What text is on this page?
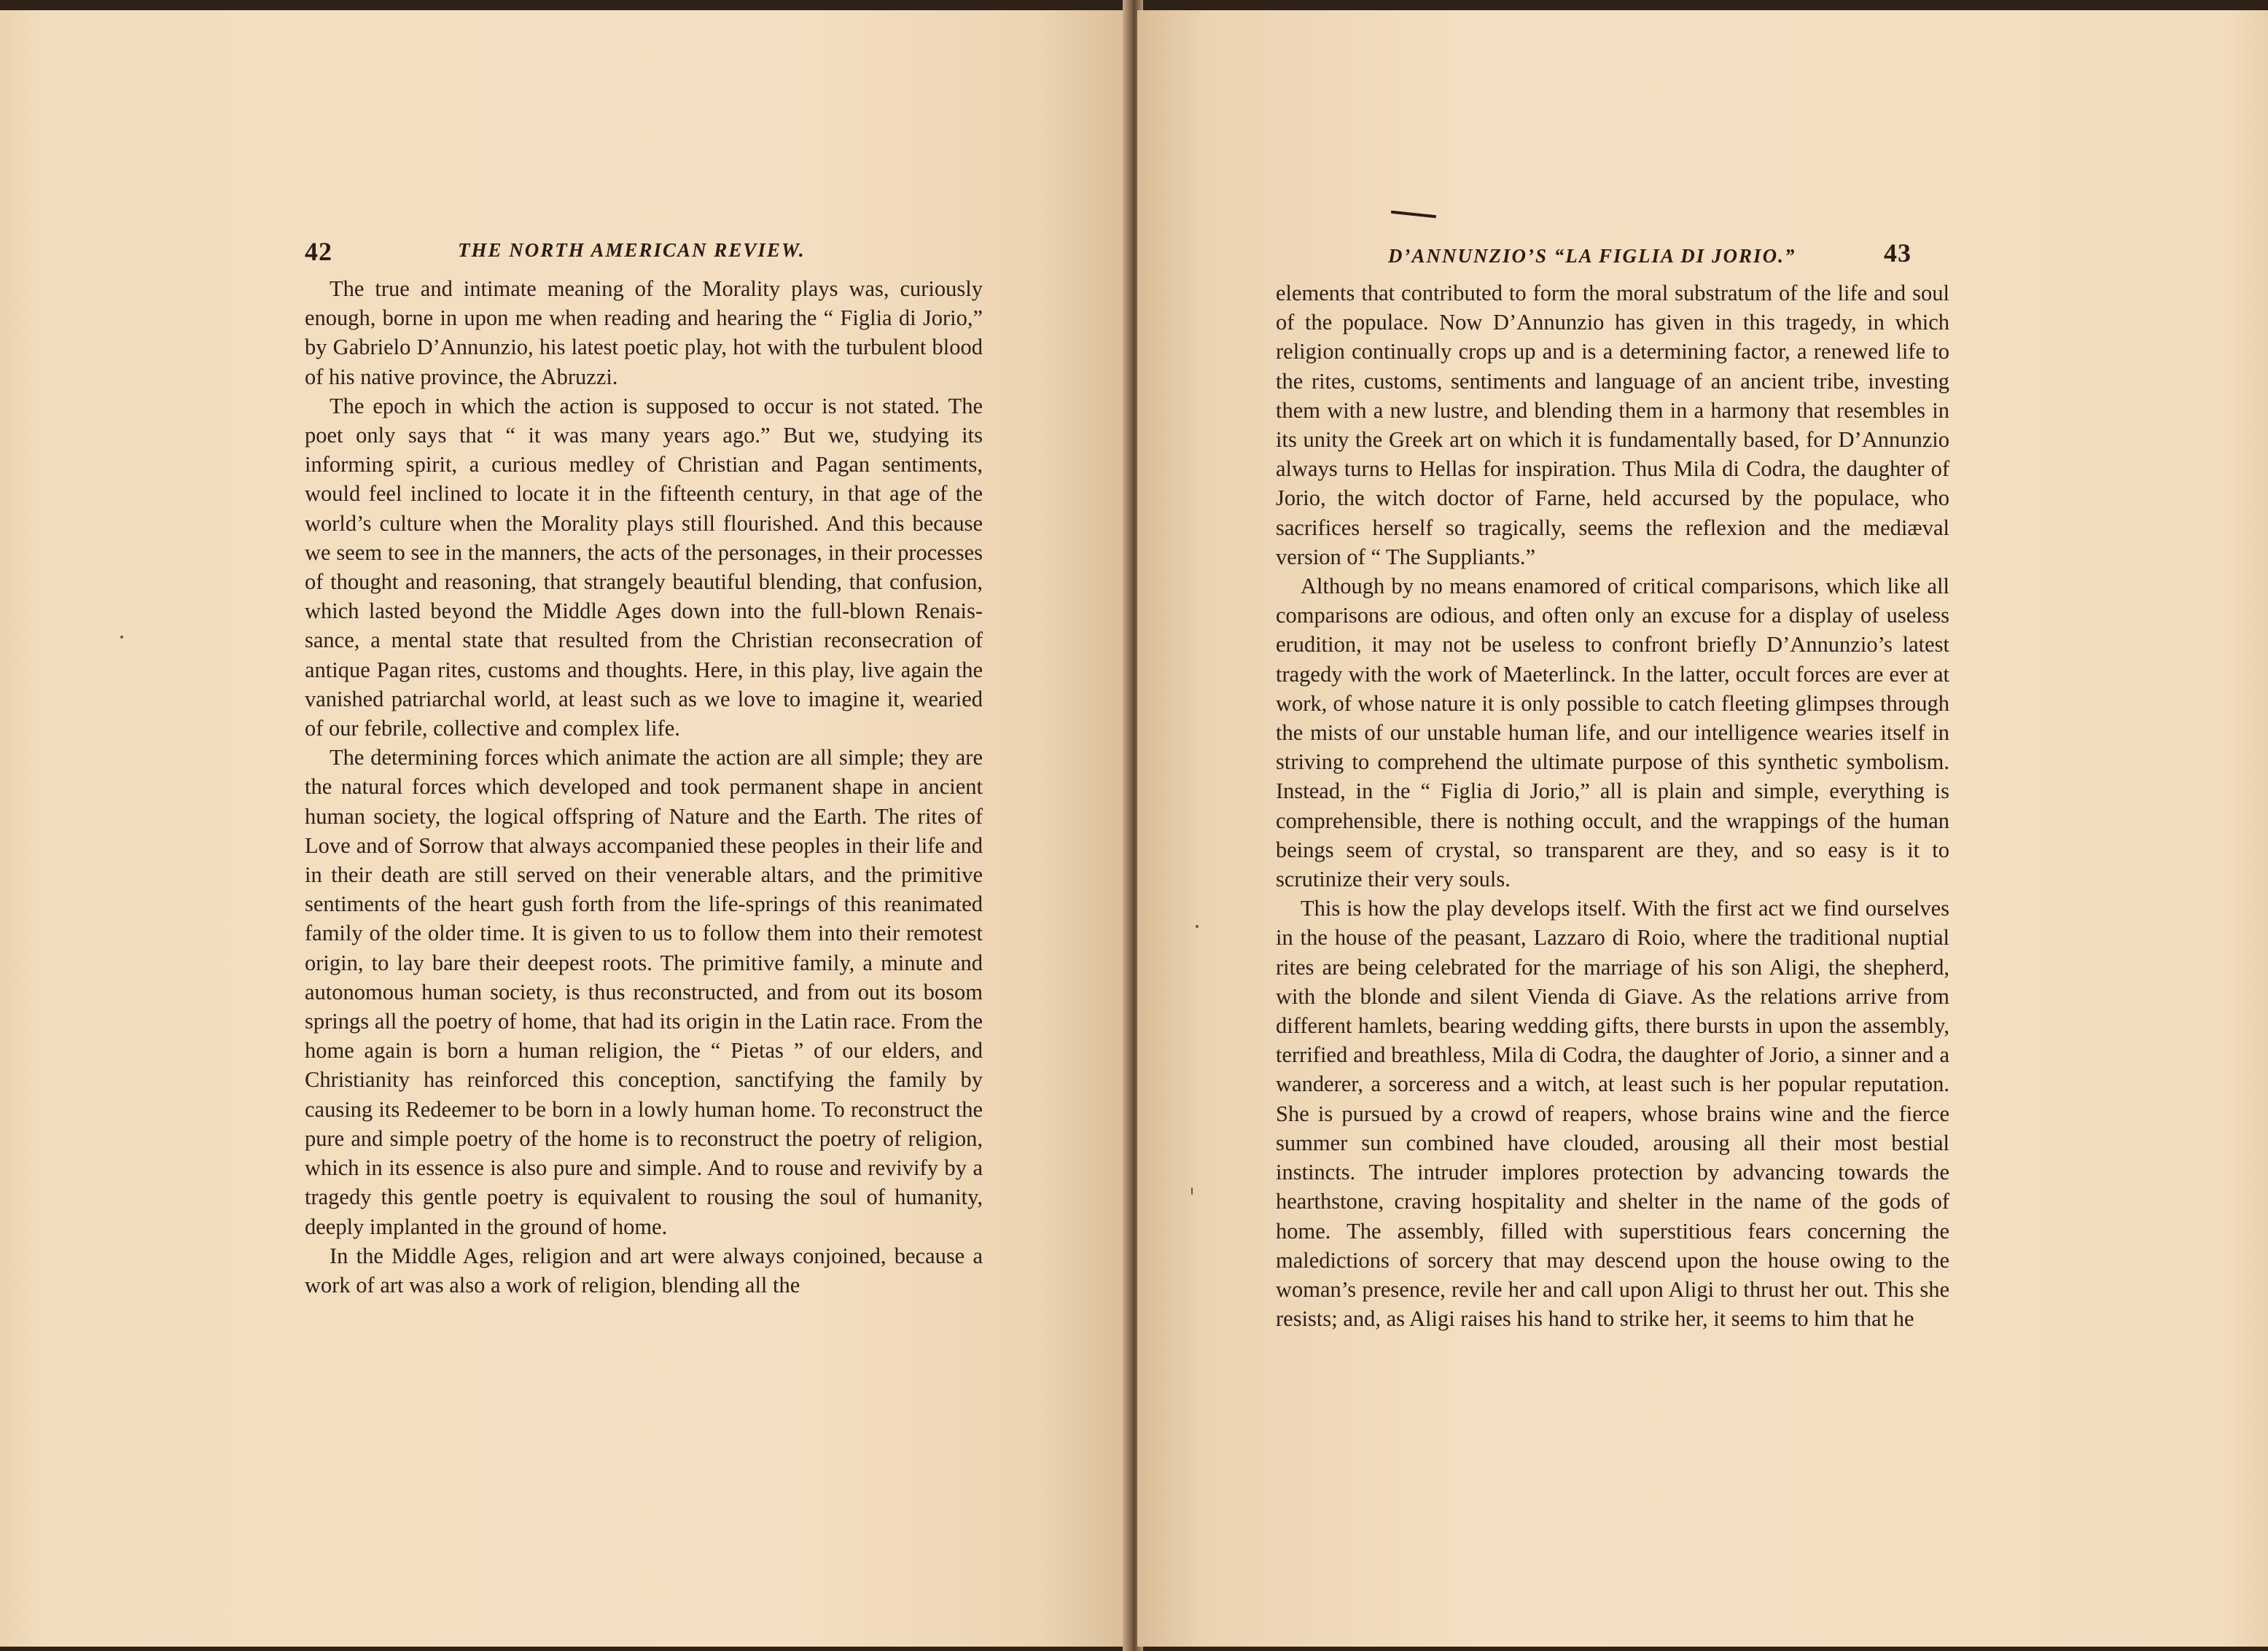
42	THE NORTH AMERICAN REVIEW.

The true and intimate meaning of the Morality plays was, curiously enough, borne in upon me when reading and hearing the “ Figlia di Jorio,” by Gabrielo D’Annunzio, his latest poetic play, hot with the turbulent blood of his native province, the Abruzzi.

The epoch in which the action is supposed to occur is not stated. The poet only says that “ it was many years ago.” But we, studying its informing spirit, a curious medley of Christian and Pagan sentiments, would feel inclined to locate it in the fifteenth century, in that age of the world’s culture when the Morality plays still flourished. And this because we seem to see in the manners, the acts of the personages, in their processes of thought and reasoning, that strangely beautiful blending, that confusion, which lasted beyond the Middle Ages down into the full-blown Renaissance, a mental state that resulted from the Christian reconsecration of antique Pagan rites, customs and thoughts. Here, in this play, live again the vanished patriarchal world, at least such as we love to imagine it, wearied of our febrile, collective and complex life.

The determining forces which animate the action are all simple; they are the natural forces which developed and took permanent shape in ancient human society, the logical offspring of Nature and the Earth. The rites of Love and of Sorrow that always accompanied these peoples in their life and in their death are still served on their venerable altars, and the primitive sentiments of the heart gush forth from the life-springs of this reanimated family of the older time. It is given to us to follow them into their remotest origin, to lay bare their deepest roots. The primitive family, a minute and autonomous human society, is thus reconstructed, and from out its bosom springs all the poetry of home, that had its origin in the Latin race. From the home again is born a human religion, the “ Pietas ” of our elders, and Christianity has reinforced this conception, sanctifying the family by causing its Redeemer to be born in a lowly human home. To reconstruct the pure and simple poetry of the home is to reconstruct the poetry of religion, which in its essence is also pure and simple. And to rouse and revivify by a tragedy this gentle poetry is equivalent to rousing the soul of humanity, deeply implanted in the ground of home.

In the Middle Ages, religion and art were always conjoined, because a work of art was also a work of religion, blending all the

D’ANNUNZIO’S “LA FIGLIA DI JORIO.”	43

elements that contributed to form the moral substratum of the life and soul of the populace. Now D’Annunzio has given in this tragedy, in which religion continually crops up and is a determining factor, a renewed life to the rites, customs, sentiments and language of an ancient tribe, investing them with a new lustre, and blending them in a harmony that resembles in its unity the Greek art on which it is fundamentally based, for D’Annunzio always turns to Hellas for inspiration. Thus Mila di Codra, the daughter of Jorio, the witch doctor of Farne, held accursed by the populace, who sacrifices herself so tragically, seems the reflexion and the mediæval version of “ The Suppliants.”

Although by no means enamored of critical comparisons, which like all comparisons are odious, and often only an excuse for a display of useless erudition, it may not be useless to confront briefly D’Annunzio’s latest tragedy with the work of Maeterlinck. In the latter, occult forces are ever at work, of whose nature it is only possible to catch fleeting glimpses through the mists of our unstable human life, and our intelligence wearies itself in striving to comprehend the ultimate purpose of this synthetic symbolism. Instead, in the “ Figlia di Jorio,” all is plain and simple, everything is comprehensible, there is nothing occult, and the wrappings of the human beings seem of crystal, so transparent are they, and so easy is it to scrutinize their very souls.

This is how the play develops itself. With the first act we find ourselves in the house of the peasant, Lazzaro di Roio, where the traditional nuptial rites are being celebrated for the marriage of his son Aligi, the shepherd, with the blonde and silent Vienda di Giave. As the relations arrive from different hamlets, bearing wedding gifts, there bursts in upon the assembly, terrified and breathless, Mila di Codra, the daughter of Jorio, a sinner and a wanderer, a sorceress and a witch, at least such is her popular reputation. She is pursued by a crowd of reapers, whose brains wine and the fierce summer sun combined have clouded, arousing all their most bestial instincts. The intruder implores protection by advancing towards the hearthstone, craving hospitality and shelter in the name of the gods of home. The assembly, filled with superstitious fears concerning the maledictions of sorcery that may descend upon the house owing to the woman’s presence, revile her and call upon Aligi to thrust her out. This she resists; and, as Aligi raises his hand to strike her, it seems to him that he
